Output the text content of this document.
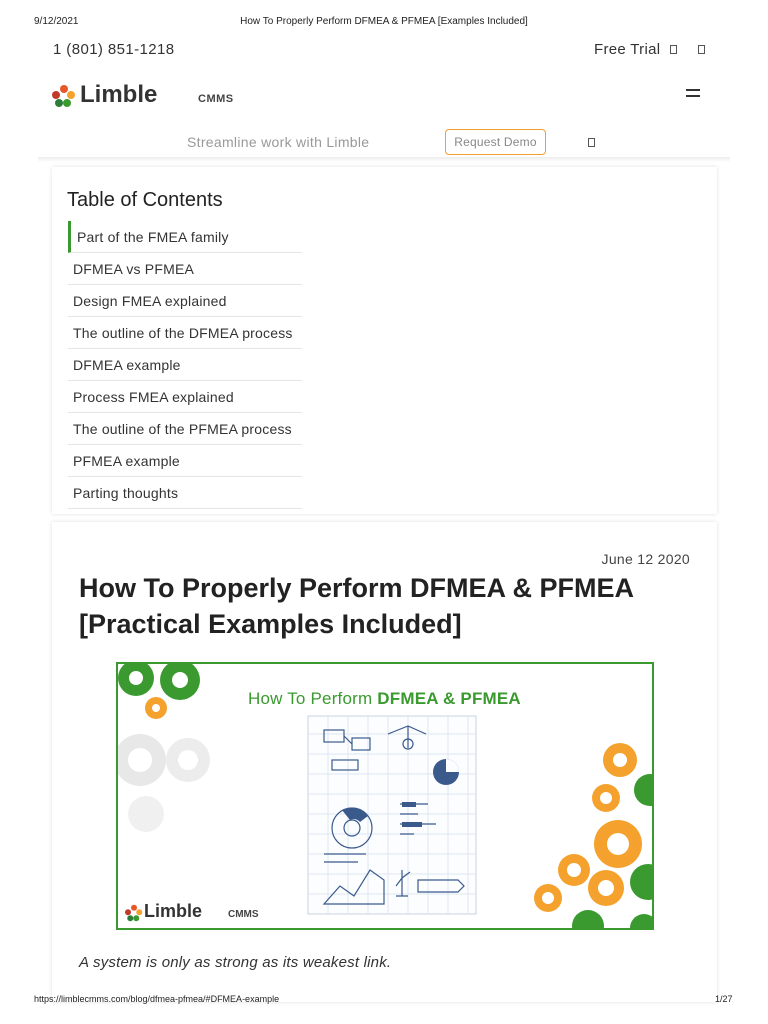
9/12/2021	How To Properly Perform DFMEA & PFMEA [Examples Included]
1 (801) 851-1218	Free Trial
Limble	CMMS
Streamline work with Limble	Request Demo
Table of Contents
Part of the FMEA family
DFMEA vs PFMEA
Design FMEA explained
The outline of the DFMEA process
DFMEA example
Process FMEA explained
The outline of the PFMEA process
PFMEA example
Parting thoughts
June 12 2020
How To Properly Perform DFMEA & PFMEA
[Practical Examples Included]
How To Perform DFMEA & PFMEA
Limble	CMMS

A system is only as strong as its weakest link.

https://limblecmms.com/blog/dfmea-pfmea/#DFMEA-example	1/27
